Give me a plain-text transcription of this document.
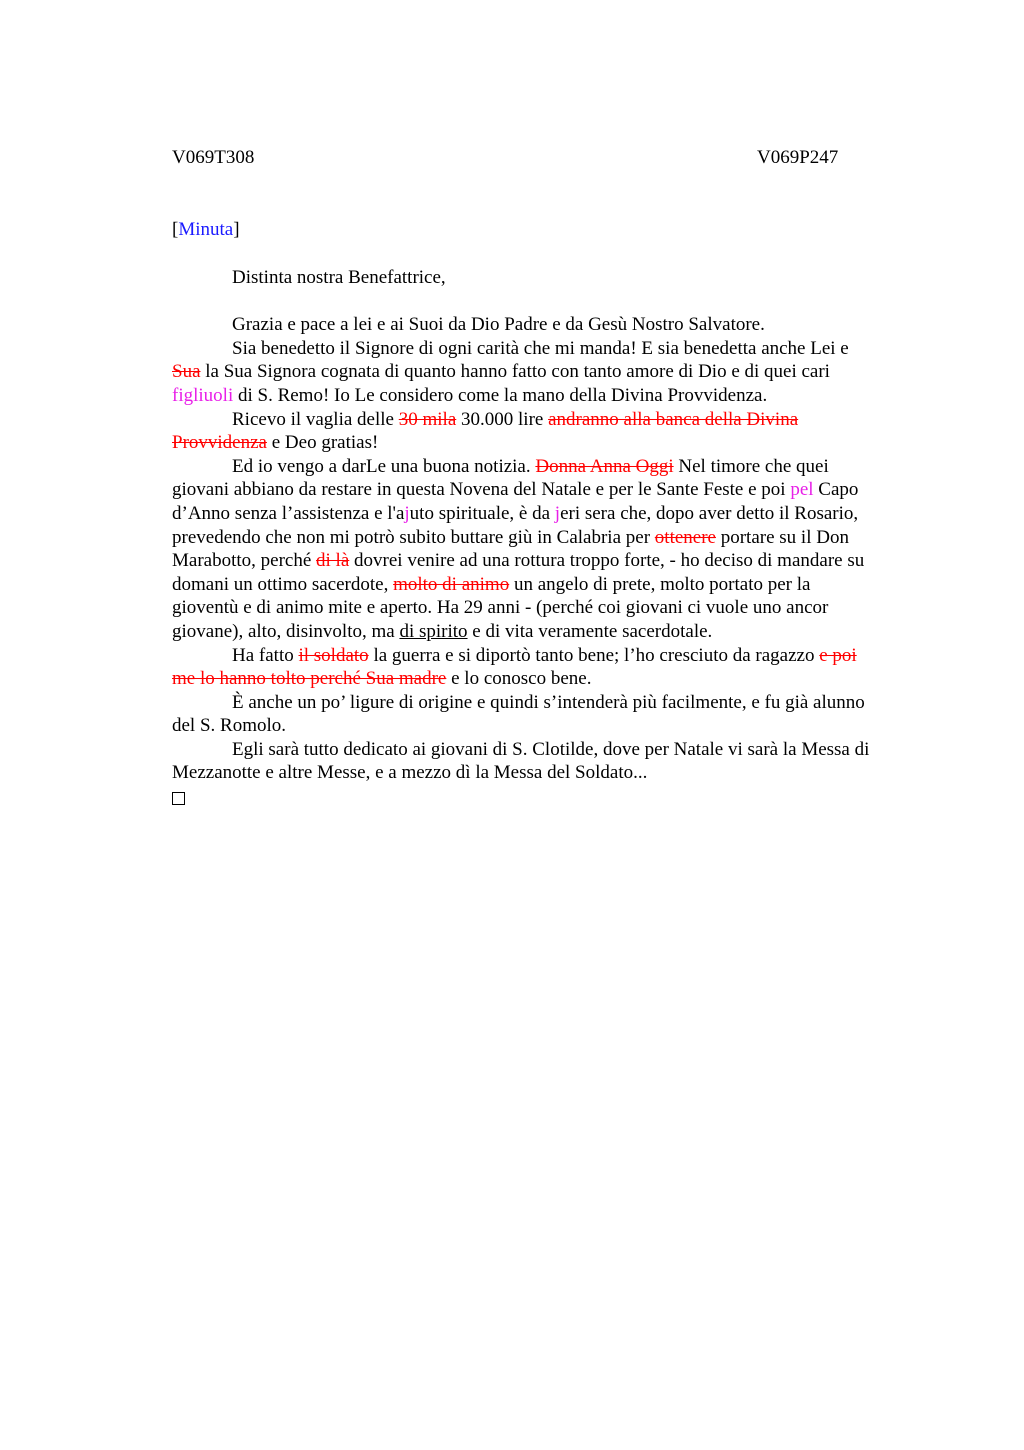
V069T308	V069P247

[Minuta]

Distinta nostra Benefattrice,

Grazia e pace a lei e ai Suoi da Dio Padre e da Gesù Nostro Salvatore.

Sia benedetto il Signore di ogni carità che mi manda! E sia benedetta anche Lei e

Sua la Sua Signora cognata di quanto hanno fatto con tanto amore di Dio e di quei cari

figliuoli di S. Remo! Io Le considero come la mano della Divina Provvidenza.

Ricevo il vaglia delle 30 mila 30.000 lire andranno alla banca della Divina

Provvidenza e Deo gratias!

Ed io vengo a darLe una buona notizia. Donna Anna Oggi Nel timore che quei

giovani abbiano da restare in questa Novena del Natale e per le Sante Feste e poi pel Capo

d’Anno senza l’assistenza e l'ajuto spirituale, è da jeri sera che, dopo aver detto il Rosario,

prevedendo che non mi potrò subito buttare giù in Calabria per ottenere portare su il Don

Marabotto, perché di là dovrei venire ad una rottura troppo forte, - ho deciso di mandare su

domani un ottimo sacerdote, molto di animo un angelo di prete, molto portato per la

gioventù e di animo mite e aperto. Ha 29 anni - (perché coi giovani ci vuole uno ancor

giovane), alto, disinvolto, ma di spirito e di vita veramente sacerdotale.

Ha fatto il soldato la guerra e si diportò tanto bene; l’ho cresciuto da ragazzo e poi

me lo hanno tolto perché Sua madre e lo conosco bene.

È anche un po’ ligure di origine e quindi s’intenderà più facilmente, e fu già alunno

del S. Romolo.

Egli sarà tutto dedicato ai giovani di S. Clotilde, dove per Natale vi sarà la Messa di

Mezzanotte e altre Messe, e a mezzo dì la Messa del Soldato...
